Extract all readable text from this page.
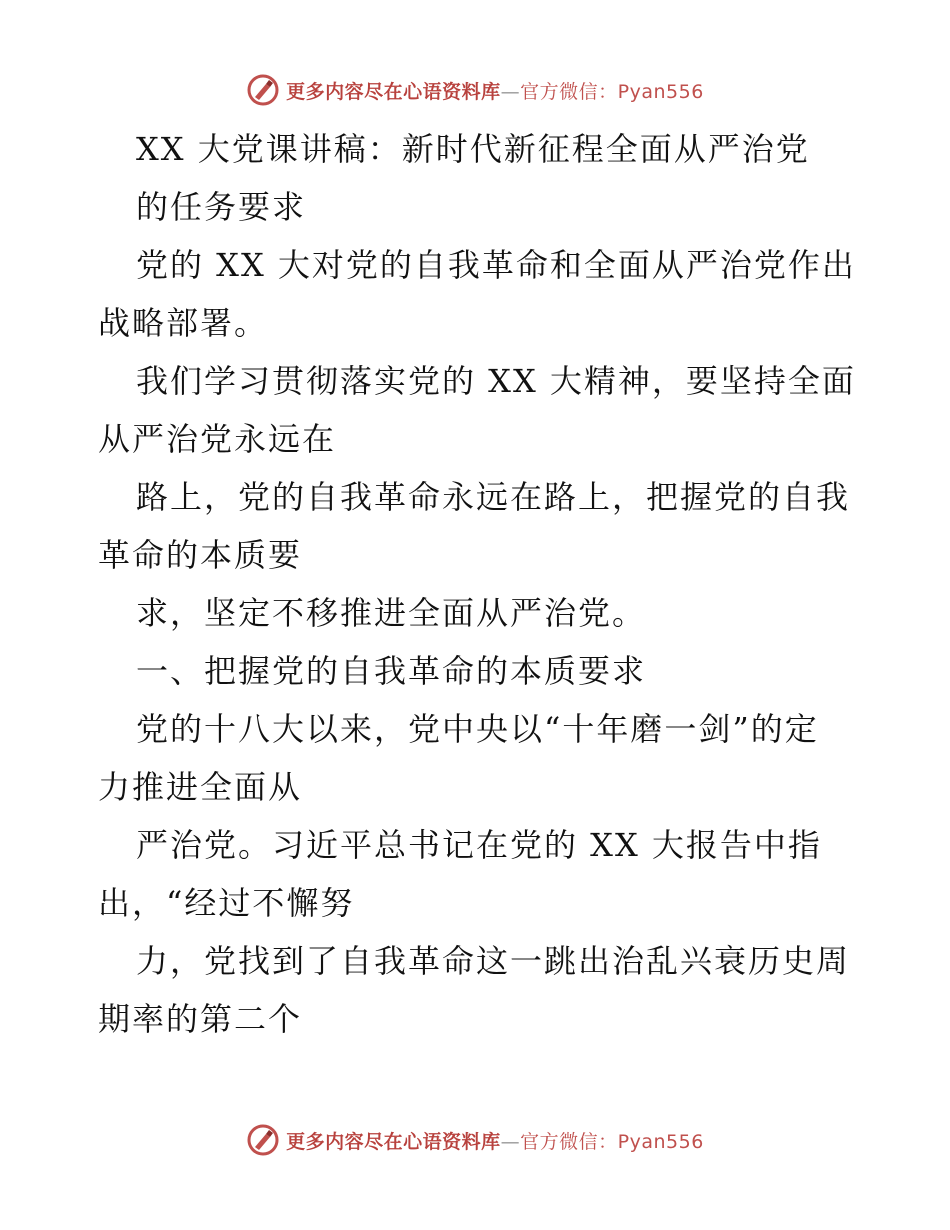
更多内容尽在心语资料库—官方微信：Pyan556
XX 大党课讲稿：新时代新征程全面从严治党
的任务要求
党的 XX 大对党的自我革命和全面从严治党作出
战略部署。
我们学习贯彻落实党的 XX 大精神，要坚持全面
从严治党永远在
路上，党的自我革命永远在路上，把握党的自我
革命的本质要
求，坚定不移推进全面从严治党。
一、把握党的自我革命的本质要求
党的十八大以来，党中央以“十年磨一剑”的定
力推进全面从
严治党。习近平总书记在党的 XX 大报告中指
出，“经过不懈努
力，党找到了自我革命这一跳出治乱兴衰历史周
期率的第二个
更多内容尽在心语资料库—官方微信：Pyan556
